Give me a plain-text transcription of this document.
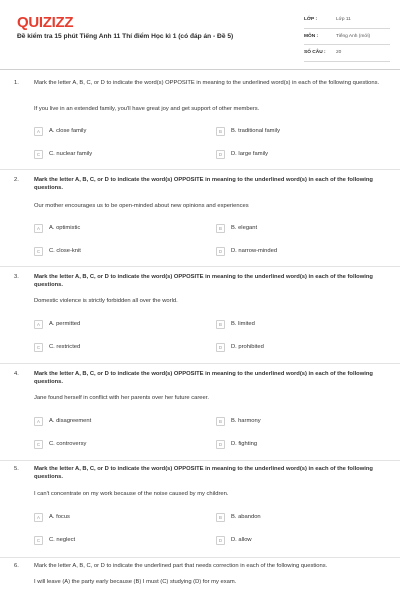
QUIZIZZ
Đề kiểm tra 15 phút Tiếng Anh 11 Thí điểm Học kì 1 (có đáp án - Đề 5)
LỚP :	Lớp 11
MÔN :	Tiếng Anh (mới)
SỐ CÂU :	20
1.	Mark the letter A, B, C, or D to indicate the word(s) OPPOSITE in meaning to the underlined word(s) in each of the following questions.
If you live in an extended family, you'll have great joy and get support of other members.
A	A. close family	B	B. traditional family
C	C. nuclear family	D	D. large family
2.	Mark the letter A, B, C, or D to indicate the word(s) OPPOSITE in meaning to the underlined word(s) in each of the following questions.
Our mother encourages us to be open-minded about new opinions and experiences
A	A. optimistic	B	B. elegant
C	C. close-knit	D	D. narrow-minded
3.	Mark the letter A, B, C, or D to indicate the word(s) OPPOSITE in meaning to the underlined word(s) in each of the following questions.
Domestic violence is strictly forbidden all over the world.
A	A. permitted	B	B. limited
C	C. restricted	D	D. prohibited
4.	Mark the letter A, B, C, or D to indicate the word(s) OPPOSITE in meaning to the underlined word(s) in each of the following questions.
Jane found herself in conflict with her parents over her future career.
A	A. disagreement	B	B. harmony
C	C. controversy	D	D. fighting
5.	Mark the letter A, B, C, or D to indicate the word(s) OPPOSITE in meaning to the underlined word(s) in each of the following questions.
I can't concentrate on my work because of the noise caused by my children.
A	A. focus	B	B. abandon
C	C. neglect	D	D. allow
6.	Mark the letter A, B, C, or D to indicate the underlined part that needs correction in each of the following questions.
I will leave (A) the party early because (B) I must (C) studying (D) for my exam.
